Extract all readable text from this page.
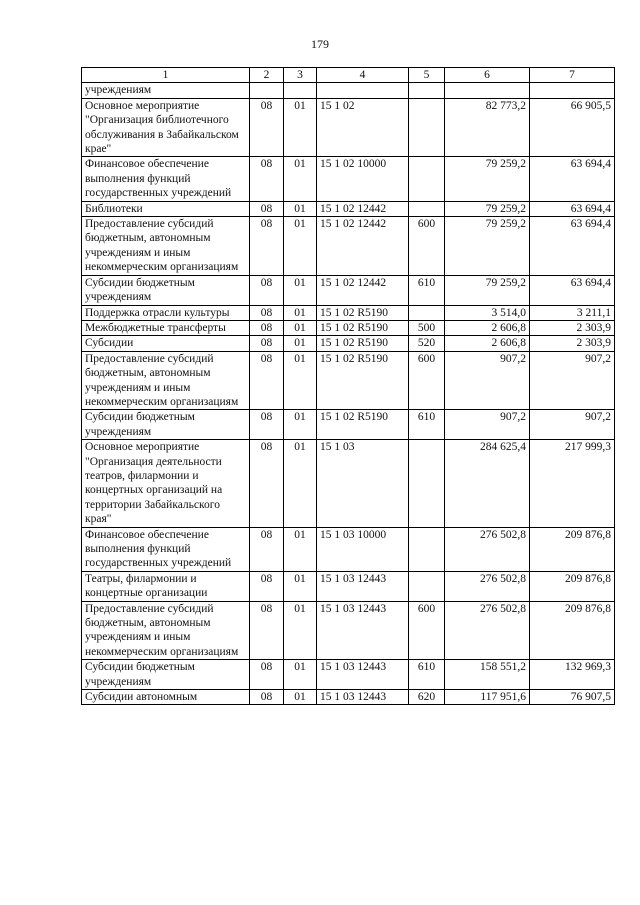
179
1	2	3	4	5	6	7
учреждениям						
Основное мероприятие "Организация библиотечного обслуживания в Забайкальском крае"	08	01	15 1 02		82 773,2	66 905,5
Финансовое обеспечение выполнения функций государственных учреждений	08	01	15 1 02 10000		79 259,2	63 694,4
Библиотеки	08	01	15 1 02 12442		79 259,2	63 694,4
Предоставление субсидий бюджетным, автономным учреждениям и иным некоммерческим организациям	08	01	15 1 02 12442	600	79 259,2	63 694,4
Субсидии бюджетным учреждениям	08	01	15 1 02 12442	610	79 259,2	63 694,4
Поддержка отрасли культуры	08	01	15 1 02 R5190		3 514,0	3 211,1
Межбюджетные трансферты	08	01	15 1 02 R5190	500	2 606,8	2 303,9
Субсидии	08	01	15 1 02 R5190	520	2 606,8	2 303,9
Предоставление субсидий бюджетным, автономным учреждениям и иным некоммерческим организациям	08	01	15 1 02 R5190	600	907,2	907,2
Субсидии бюджетным учреждениям	08	01	15 1 02 R5190	610	907,2	907,2
Основное мероприятие "Организация деятельности театров, филармонии и концертных организаций на территории Забайкальского края"	08	01	15 1 03		284 625,4	217 999,3
Финансовое обеспечение выполнения функций государственных учреждений	08	01	15 1 03 10000		276 502,8	209 876,8
Театры, филармонии и концертные организации	08	01	15 1 03 12443		276 502,8	209 876,8
Предоставление субсидий бюджетным, автономным учреждениям и иным некоммерческим организациям	08	01	15 1 03 12443	600	276 502,8	209 876,8
Субсидии бюджетным учреждениям	08	01	15 1 03 12443	610	158 551,2	132 969,3
Субсидии автономным	08	01	15 1 03 12443	620	117 951,6	76 907,5
